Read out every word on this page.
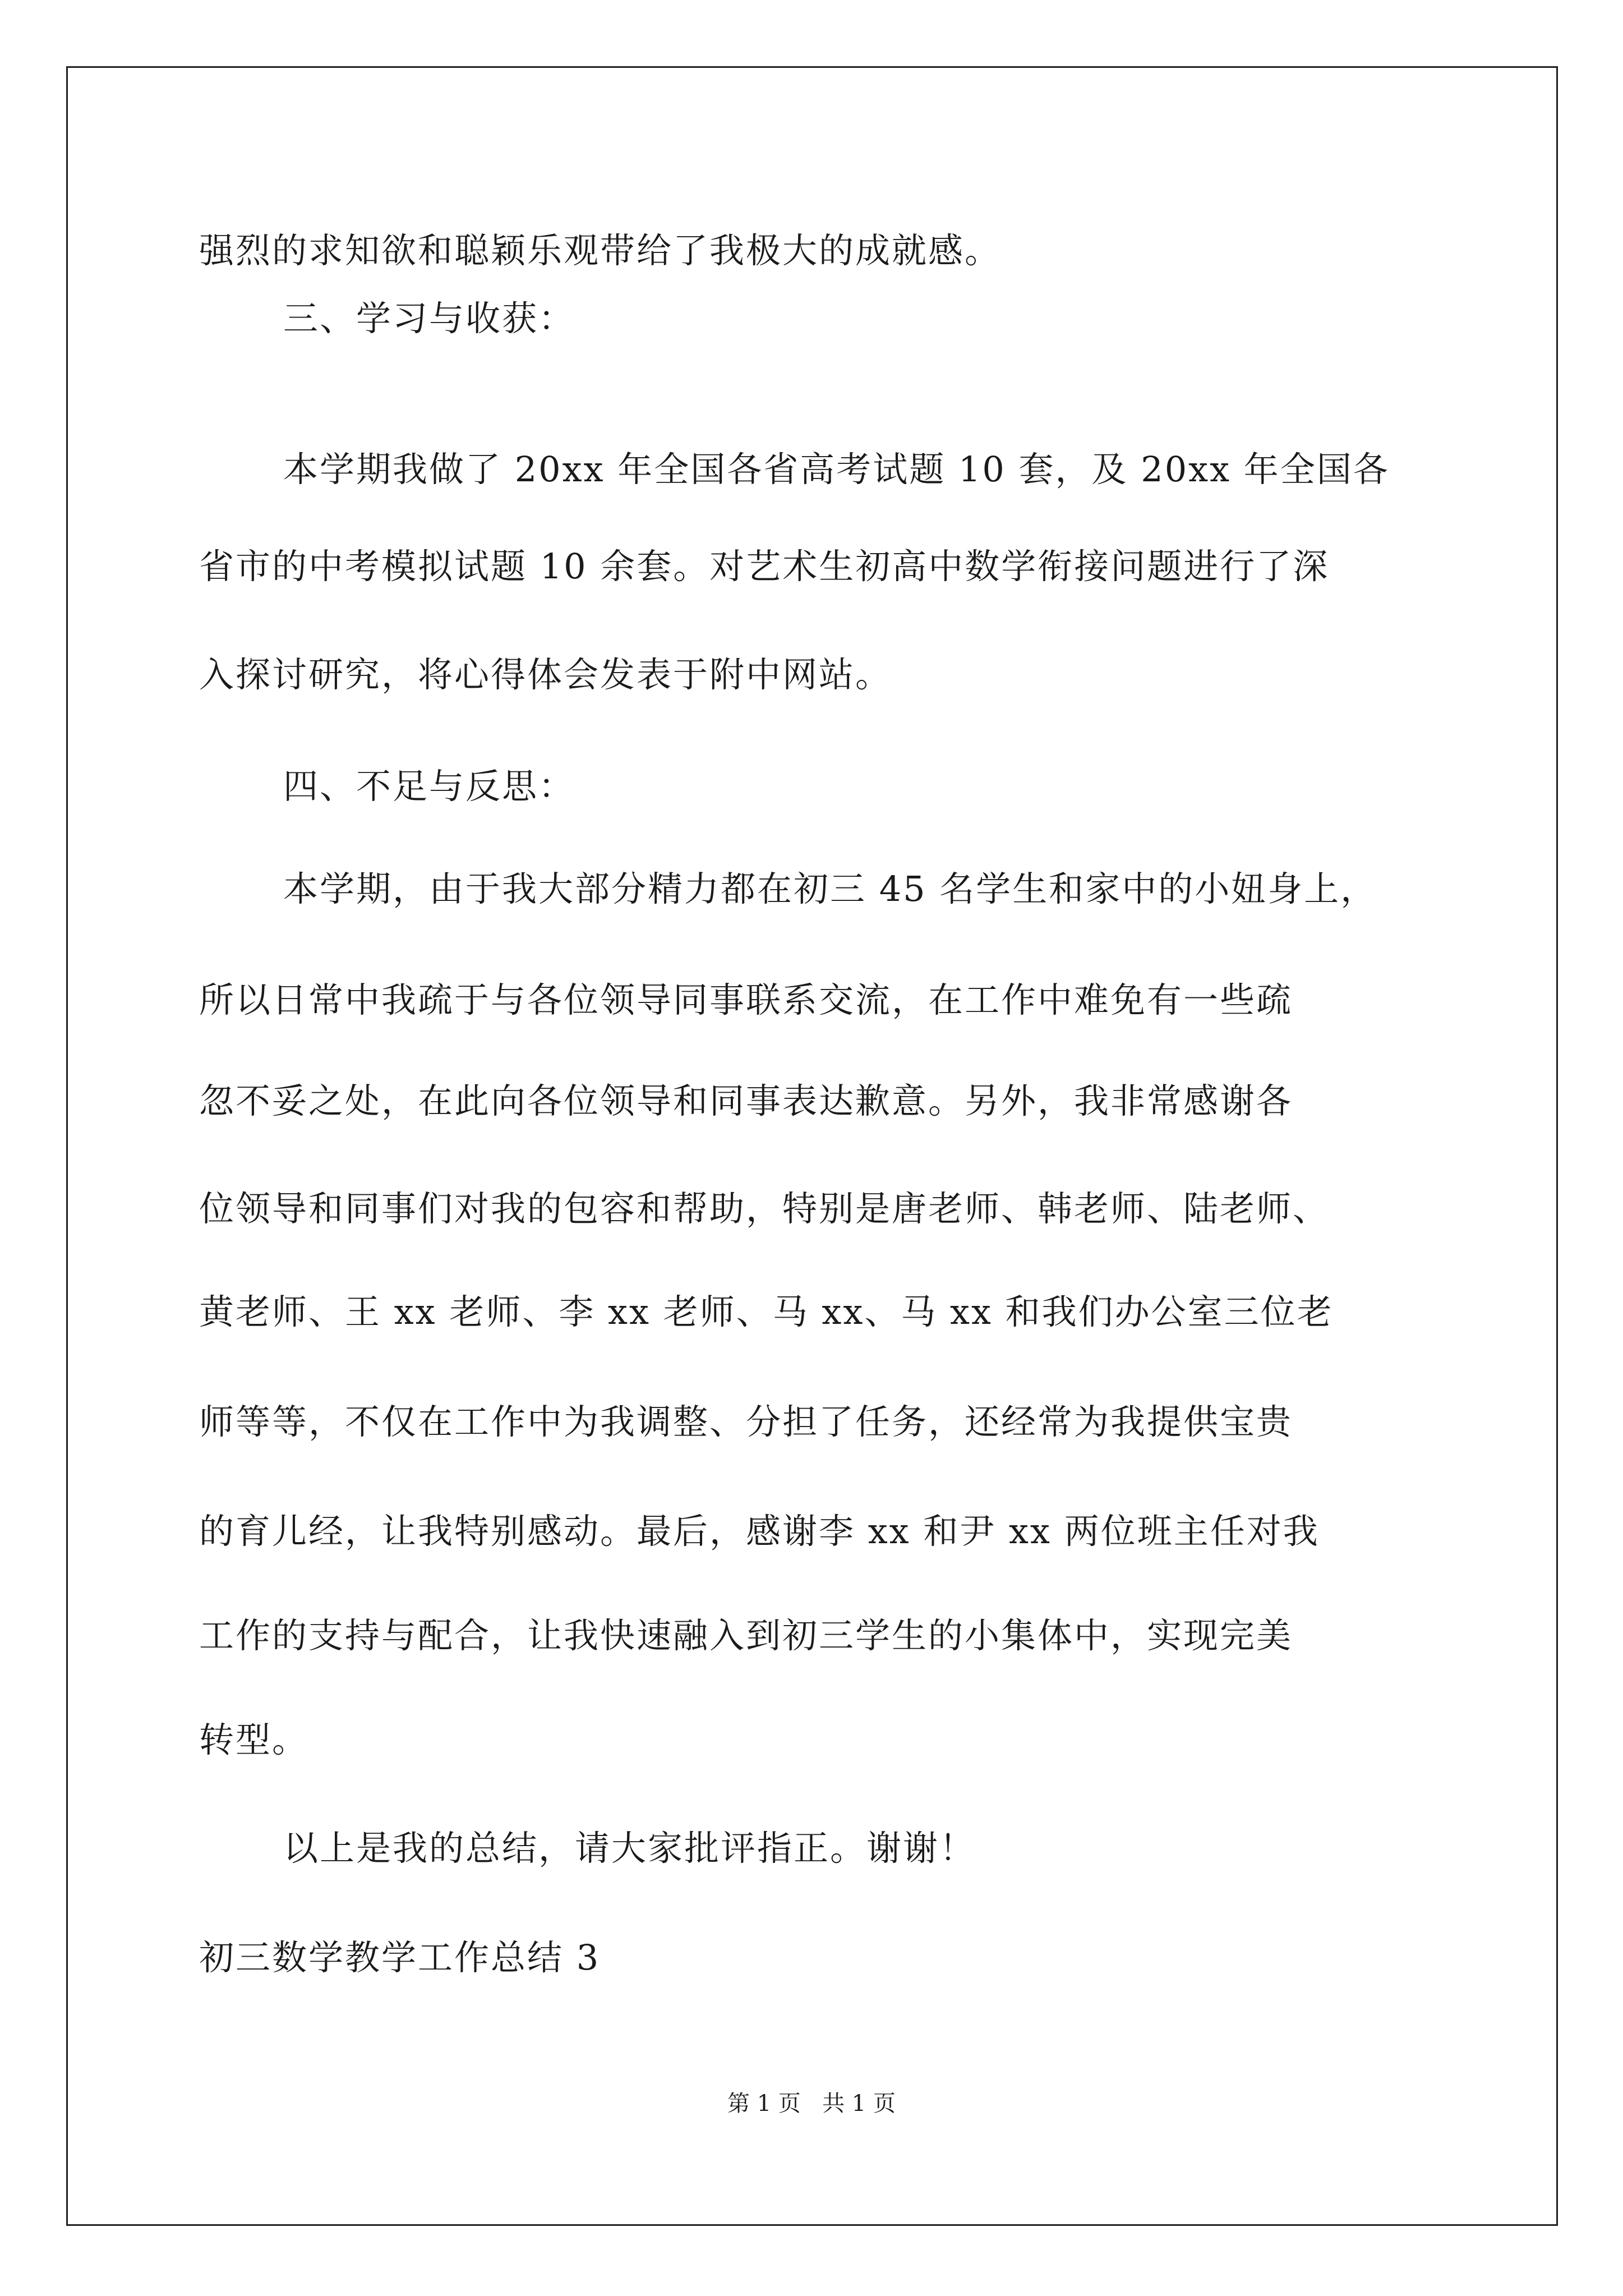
强烈的求知欲和聪颖乐观带给了我极大的成就感。
三、学习与收获：
本学期我做了 20xx 年全国各省高考试题 10 套，及 20xx 年全国各
省市的中考模拟试题 10 余套。对艺术生初高中数学衔接问题进行了深
入探讨研究，将心得体会发表于附中网站。
四、不足与反思：
本学期，由于我大部分精力都在初三 45 名学生和家中的小妞身上，
所以日常中我疏于与各位领导同事联系交流，在工作中难免有一些疏
忽不妥之处，在此向各位领导和同事表达歉意。另外，我非常感谢各
位领导和同事们对我的包容和帮助，特别是唐老师、韩老师、陆老师、
黄老师、王 xx 老师、李 xx 老师、马 xx、马 xx 和我们办公室三位老
师等等，不仅在工作中为我调整、分担了任务，还经常为我提供宝贵
的育儿经，让我特别感动。最后，感谢李 xx 和尹 xx 两位班主任对我
工作的支持与配合，让我快速融入到初三学生的小集体中，实现完美
转型。
以上是我的总结，请大家批评指正。谢谢！
初三数学教学工作总结 3
第 1 页   共 1 页
